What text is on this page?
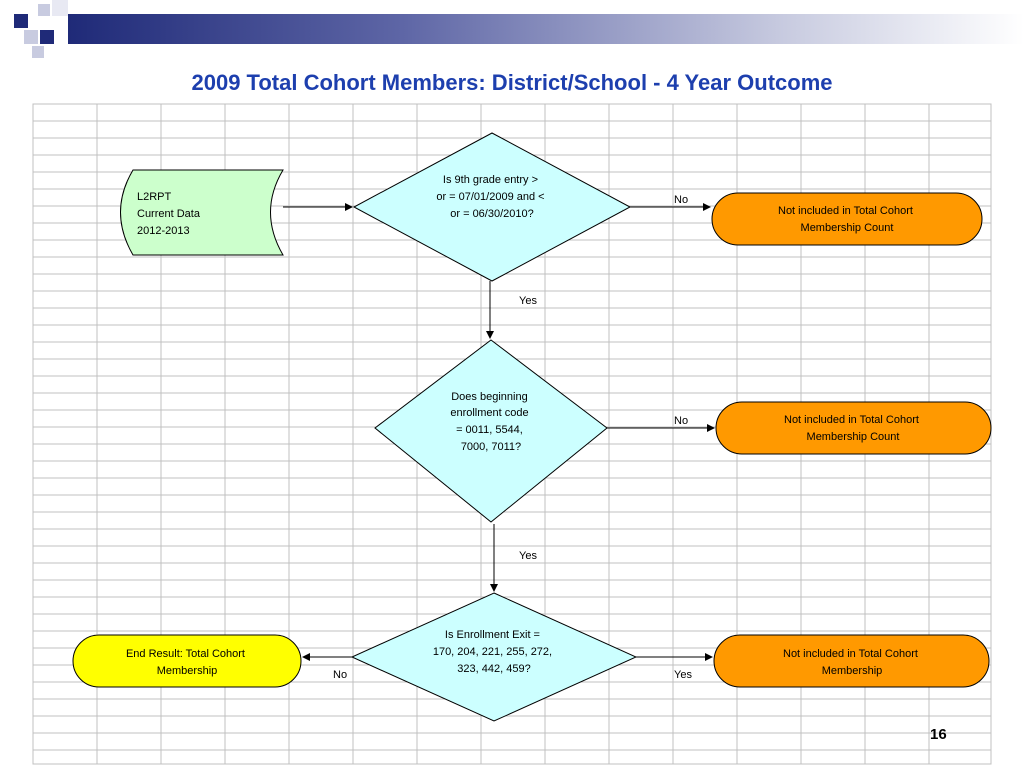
2009 Total Cohort Members: District/School - 4 Year Outcome
L2RPT Current Data 2012-2013
Is 9th grade entry > or = 07/01/2009 and < or = 06/30/2010?
Does beginning enrollment code = 0011, 5544, 7000, 7011?
Is Enrollment Exit = 170, 204, 221, 255, 272, 323, 442, 459?
Not included in Total Cohort Membership Count
Not included in Total Cohort Membership Count
Not included in Total Cohort Membership
End Result: Total Cohort Membership
No
Yes
No
Yes
No	Yes
16
